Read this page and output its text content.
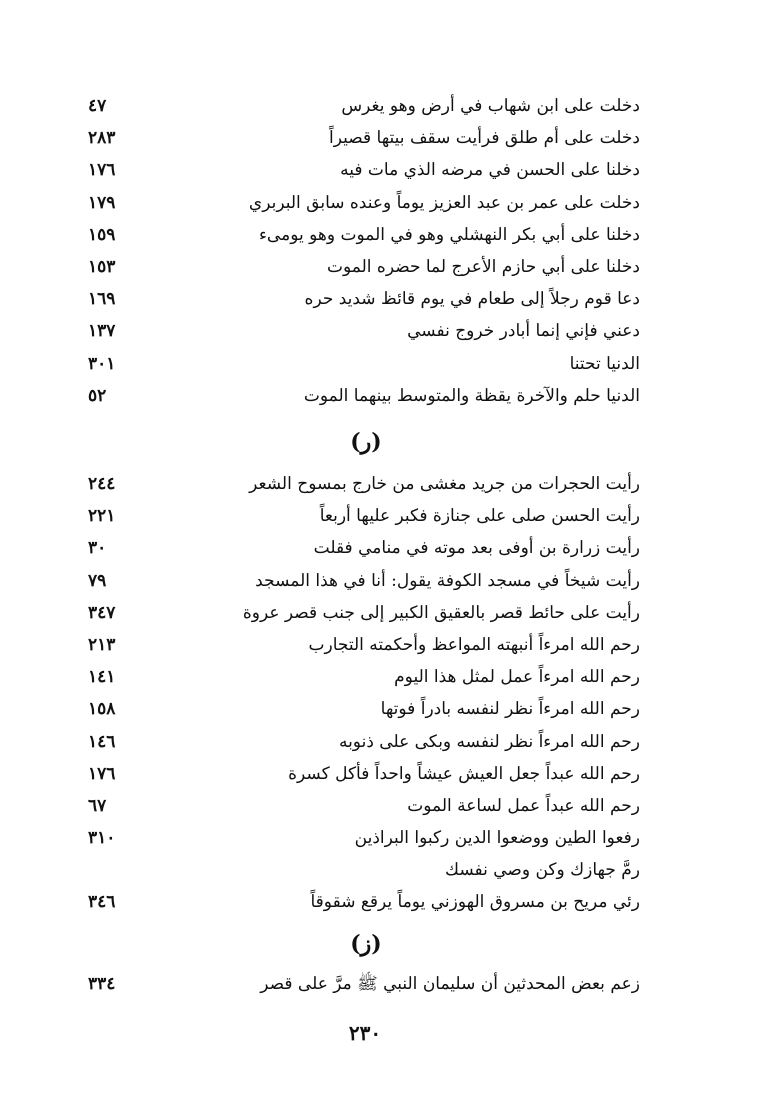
دخلت على ابن شهاب في أرض وهو يغرس
٤٧
دخلت على أم طلق فرأيت سقف بيتها قصيراً
٢٨٣
دخلنا على الحسن في مرضه الذي مات فيه
١٧٦
دخلت على عمر بن عبد العزيز يوماً وعنده سابق البربري
١٧٩
دخلنا على أبي بكر النهشلي وهو في الموت وهو يومىء
١٥٩
دخلنا على أبي حازم الأعرج لما حضره الموت
١٥٣
دعا قوم رجلاً إلى طعام في يوم قائظ شديد حره
١٦٩
دعني فإني إنما أبادر خروج نفسي
١٣٧
الدنيا تحتنا
٣٠١
الدنيا حلم والآخرة يقظة والمتوسط بينهما الموت
٥٢
(ر)
رأيت الحجرات من جريد مغشى من خارج بمسوح الشعر
٢٤٤
رأيت الحسن صلى على جنازة فكبر عليها أربعاً
٢٢١
رأيت زرارة بن أوفى بعد موته في منامي فقلت
٣٠
رأيت شيخاً في مسجد الكوفة يقول: أنا في هذا المسجد
٧٩
رأيت على حائط قصر بالعقيق الكبير إلى جنب قصر عروة
٣٤٧
رحم الله امرءاً أنبهته المواعظ وأحكمته التجارب
٢١٣
رحم الله امرءاً عمل لمثل هذا اليوم
١٤١
رحم الله امرءاً نظر لنفسه بادراً فوتها
١٥٨
رحم الله امرءاً نظر لنفسه وبكى على ذنوبه
١٤٦
رحم الله عبداً جعل العيش عيشاً واحداً فأكل كسرة
١٧٦
رحم الله عبداً عمل لساعة الموت
٦٧
رفعوا الطين ووضعوا الدين ركبوا البراذين
٣١٠
رمَّ جهازك وكن وصي نفسك
رئي مريح بن مسروق الهوزني يوماً يرقع شقوقاً
٣٤٦
(ز)
زعم بعض المحدثين أن سليمان النبي ﷺ مرَّ على قصر
٣٣٤
٢٣٠
